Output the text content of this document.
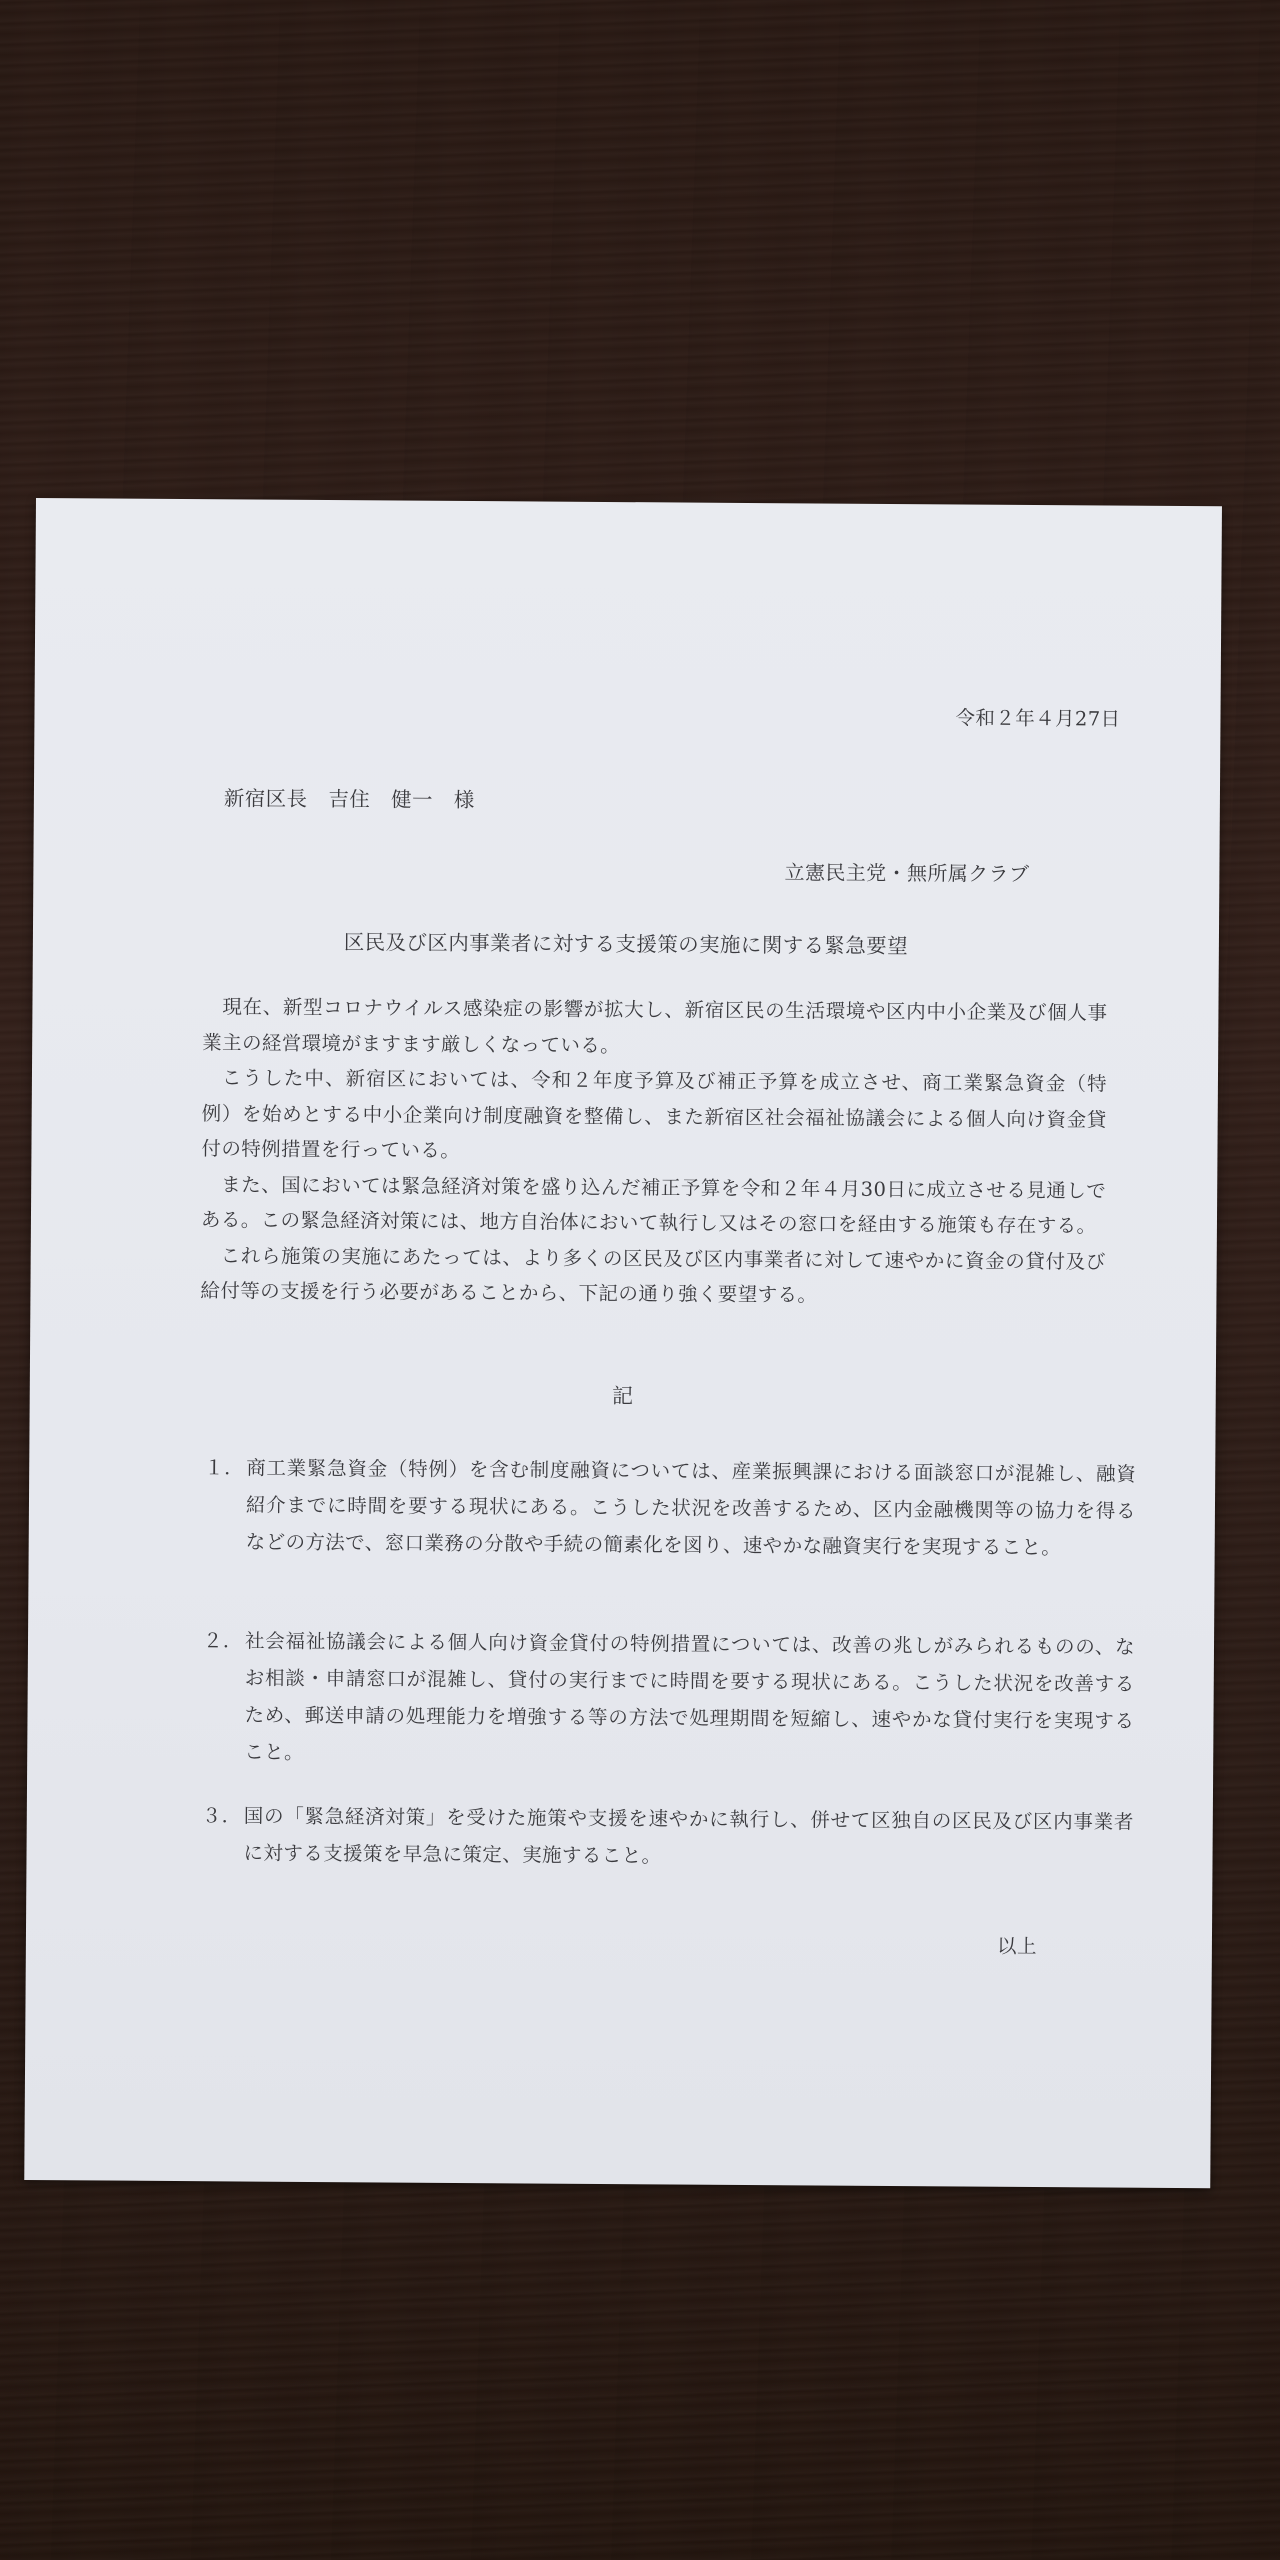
令和２年４月27日
新宿区長　吉住　健一　様
立憲民主党・無所属クラブ
区民及び区内事業者に対する支援策の実施に関する緊急要望

現在、新型コロナウイルス感染症の影響が拡大し、新宿区民の生活環境や区内中小企業及び個人事業主の経営環境がますます厳しくなっている。

こうした中、新宿区においては、令和２年度予算及び補正予算を成立させ、商工業緊急資金（特例）を始めとする中小企業向け制度融資を整備し、また新宿区社会福祉協議会による個人向け資金貸付の特例措置を行っている。

また、国においては緊急経済対策を盛り込んだ補正予算を令和２年４月30日に成立させる見通しである。この緊急経済対策には、地方自治体において執行し又はその窓口を経由する施策も存在する。

これら施策の実施にあたっては、より多くの区民及び区内事業者に対して速やかに資金の貸付及び給付等の支援を行う必要があることから、下記の通り強く要望する。

記
１． 商工業緊急資金（特例）を含む制度融資については、産業振興課における面談窓口が混雑し、融資紹介までに時間を要する現状にある。こうした状況を改善するため、区内金融機関等の協力を得るなどの方法で、窓口業務の分散や手続の簡素化を図り、速やかな融資実行を実現すること。
２． 社会福祉協議会による個人向け資金貸付の特例措置については、改善の兆しがみられるものの、なお相談・申請窓口が混雑し、貸付の実行までに時間を要する現状にある。こうした状況を改善するため、郵送申請の処理能力を増強する等の方法で処理期間を短縮し、速やかな貸付実行を実現すること。
３． 国の「緊急経済対策」を受けた施策や支援を速やかに執行し、併せて区独自の区民及び区内事業者に対する支援策を早急に策定、実施すること。
以上
